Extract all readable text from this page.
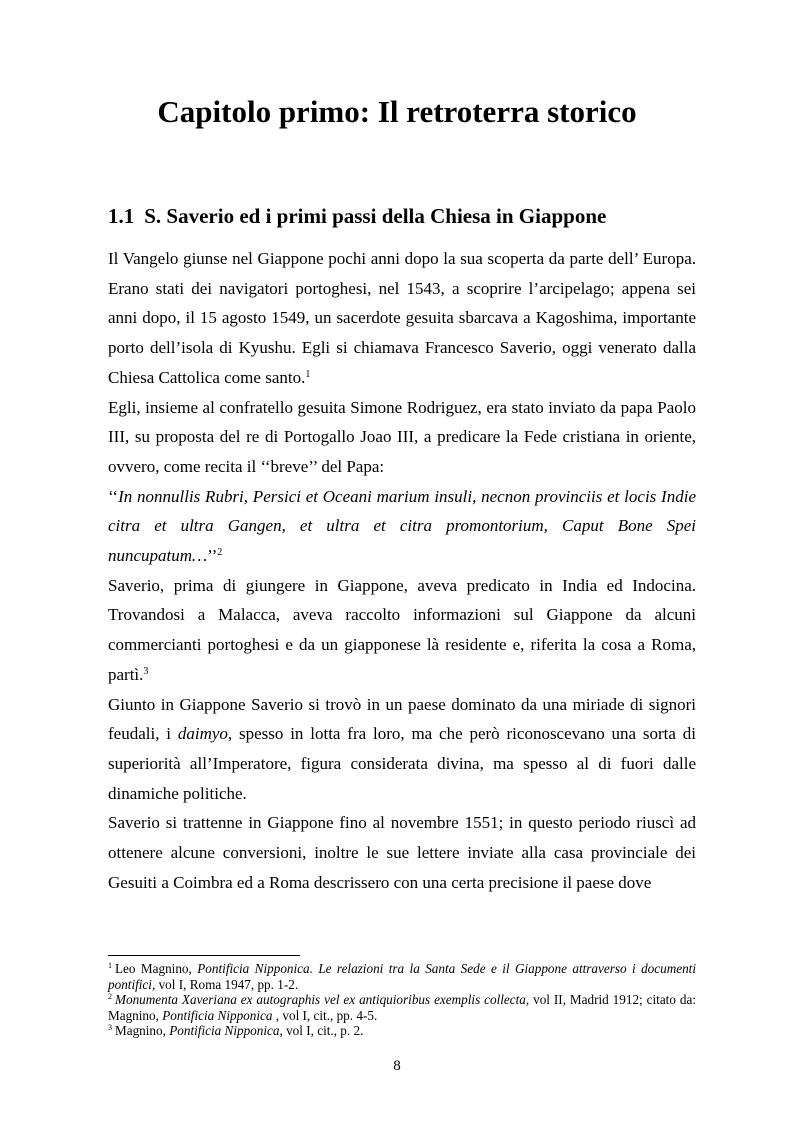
Capitolo primo: Il retroterra storico
1.1 S. Saverio ed i primi passi della Chiesa in Giappone

Il Vangelo giunse nel Giappone pochi anni dopo la sua scoperta da parte dell’ Europa. Erano stati dei navigatori portoghesi, nel 1543, a scoprire l’arcipelago; appena sei anni dopo, il 15 agosto 1549, un sacerdote gesuita sbarcava a Kagoshima, importante porto dell’isola di Kyushu. Egli si chiamava Francesco Saverio, oggi venerato dalla Chiesa Cattolica come santo.$^1$

Egli, insieme al confratello gesuita Simone Rodriguez, era stato inviato da papa Paolo III, su proposta del re di Portogallo Joao III, a predicare la Fede cristiana in oriente, ovvero, come recita il ‘‘breve’’ del Papa:

‘‘In nonnullis Rubri, Persici et Oceani marium insuli, necnon provinciis et locis Indie citra et ultra Gangen, et ultra et citra promontorium, Caput Bone Spei nuncupatum…’’$^2$

Saverio, prima di giungere in Giappone, aveva predicato in India ed Indocina. Trovandosi a Malacca, aveva raccolto informazioni sul Giappone da alcuni commercianti portoghesi e da un giapponese là residente e, riferita la cosa a Roma, partì.$^3$

Giunto in Giappone Saverio si trovò in un paese dominato da una miriade di signori feudali, i daimyo, spesso in lotta fra loro, ma che però riconoscevano una sorta di superiorità all’Imperatore, figura considerata divina, ma spesso al di fuori dalle dinamiche politiche.

Saverio si trattenne in Giappone fino al novembre 1551; in questo periodo riuscì ad ottenere alcune conversioni, inoltre le sue lettere inviate alla casa provinciale dei Gesuiti a Coimbra ed a Roma descrissero con una certa precisione il paese dove

$^1$ Leo Magnino, Pontificia Nipponica. Le relazioni tra la Santa Sede e il Giappone attraverso i documenti pontifici, vol I, Roma 1947, pp. 1-2.

$^2$ Monumenta Xaveriana ex autographis vel ex antiquioribus exemplis collecta, vol II, Madrid 1912; citato da: Magnino, Pontificia Nipponica , vol I, cit., pp. 4-5.

$^3$ Magnino, Pontificia Nipponica, vol I, cit., p. 2.

8
